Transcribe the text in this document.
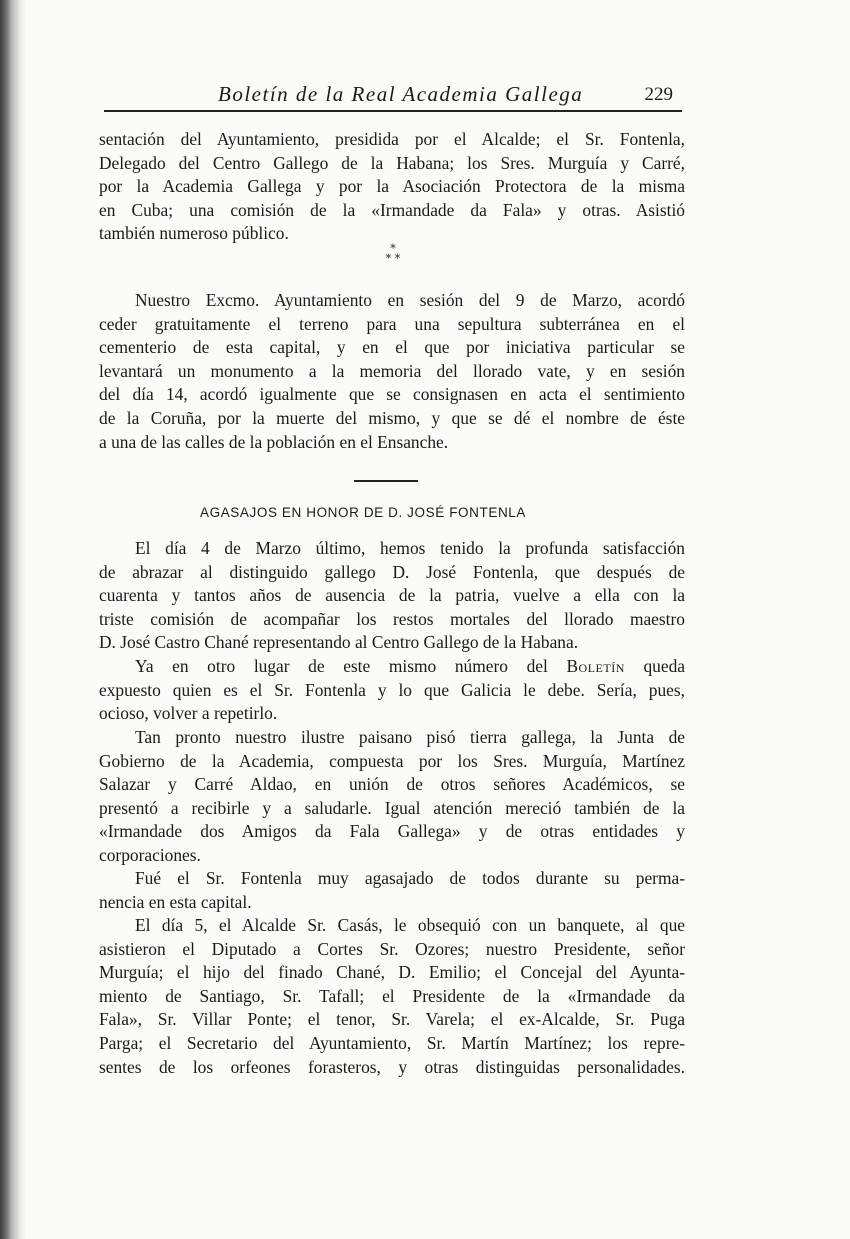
Boletín de la Real Academia Gallega	229
sentación del Ayuntamiento, presidida por el Alcalde; el Sr. Fontenla,
Delegado del Centro Gallego de la Habana; los Sres. Murguía y Carré,
por la Academia Gallega y por la Asociación Protectora de la misma
en Cuba; una comisión de la «Irmandade da Fala» y otras. Asistió
también numeroso público.
*
* *
Nuestro Excmo. Ayuntamiento en sesión del 9 de Marzo, acordó
ceder gratuitamente el terreno para una sepultura subterránea en el
cementerio de esta capital, y en el que por iniciativa particular se
levantará un monumento a la memoria del llorado vate, y en sesión
del día 14, acordó igualmente que se consignasen en acta el sentimiento
de la Coruña, por la muerte del mismo, y que se dé el nombre de éste
a una de las calles de la población en el Ensanche.
AGASAJOS EN HONOR DE D. JOSÉ FONTENLA
El día 4 de Marzo último, hemos tenido la profunda satisfacción
de abrazar al distinguido gallego D. José Fontenla, que después de
cuarenta y tantos años de ausencia de la patria, vuelve a ella con la
triste comisión de acompañar los restos mortales del llorado maestro
D. José Castro Chané representando al Centro Gallego de la Habana.
Ya en otro lugar de este mismo número del Boletín queda
expuesto quien es el Sr. Fontenla y lo que Galicia le debe. Sería, pues,
ocioso, volver a repetirlo.
Tan pronto nuestro ilustre paisano pisó tierra gallega, la Junta de
Gobierno de la Academia, compuesta por los Sres. Murguía, Martínez
Salazar y Carré Aldao, en unión de otros señores Académicos, se
presentó a recibirle y a saludarle. Igual atención mereció también de la
«Irmandade dos Amigos da Fala Gallega» y de otras entidades y
corporaciones.
Fué el Sr. Fontenla muy agasajado de todos durante su perma-
nencia en esta capital.
El día 5, el Alcalde Sr. Casás, le obsequió con un banquete, al que
asistieron el Diputado a Cortes Sr. Ozores; nuestro Presidente, señor
Murguía; el hijo del finado Chané, D. Emilio; el Concejal del Ayunta-
miento de Santiago, Sr. Tafall; el Presidente de la «Irmandade da
Fala», Sr. Villar Ponte; el tenor, Sr. Varela; el ex-Alcalde, Sr. Puga
Parga; el Secretario del Ayuntamiento, Sr. Martín Martínez; los repre-
sentes de los orfeones forasteros, y otras distinguidas personalidades.
